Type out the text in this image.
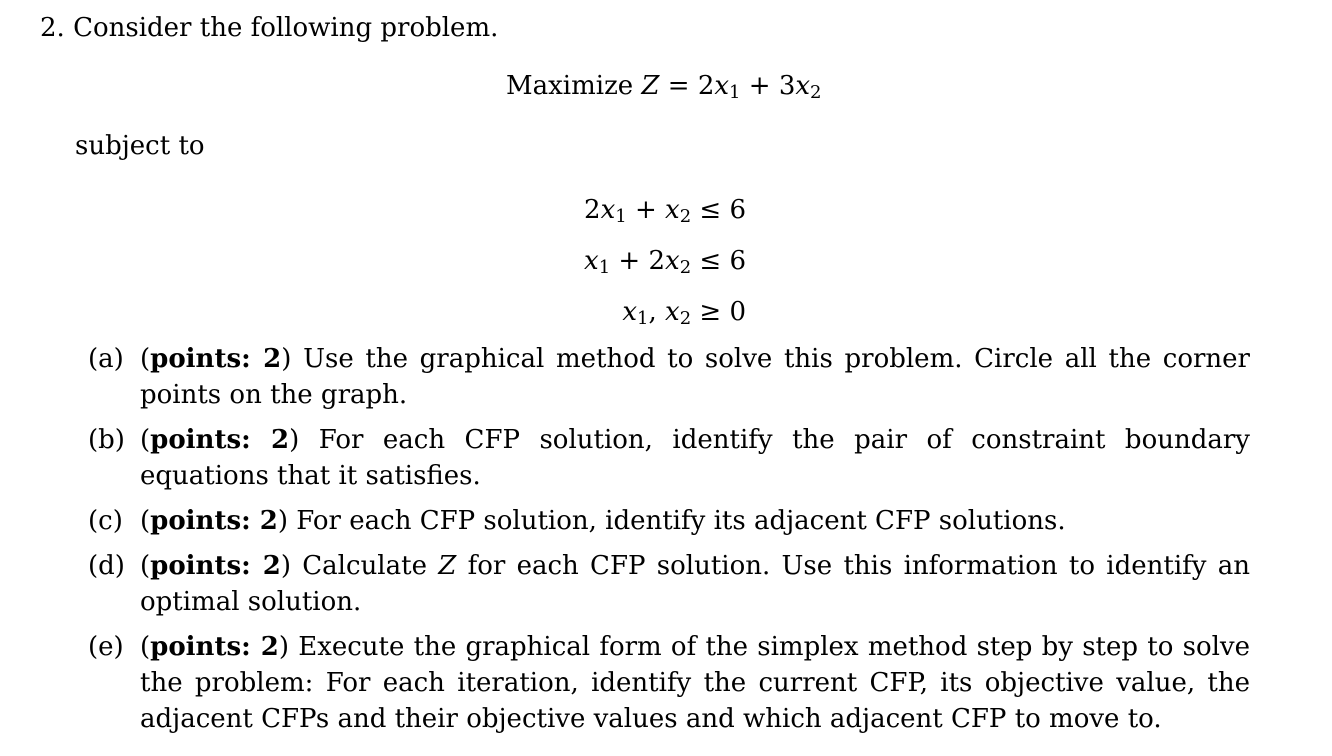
2. Consider the following problem.
Maximize $Z = 2x_1 + 3x_2$
subject to
$2x_1 + x_2 \le 6$
$x_1 + 2x_2 \le 6$
$x_1$, $x_2 \ge 0$
(a) (points: 2) Use the graphical method to solve this problem. Circle all the corner points on the graph.
(b) (points: 2) For each CFP solution, identify the pair of constraint boundary equations that it satisfies.
(c) (points: 2) For each CFP solution, identify its adjacent CFP solutions.
(d) (points: 2) Calculate Z for each CFP solution. Use this information to identify an optimal solution.
(e) (points: 2) Execute the graphical form of the simplex method step by step to solve the problem: For each iteration, identify the current CFP, its objective value, the adjacent CFPs and their objective values and which adjacent CFP to move to.
